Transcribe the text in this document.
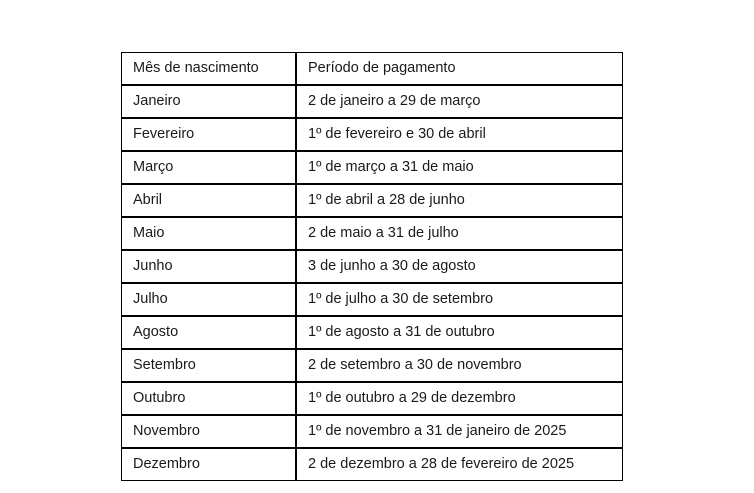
Mês de nascimento	Período de pagamento
Janeiro	2 de janeiro a 29 de março
Fevereiro	1º de fevereiro e 30 de abril
Março	1º de março a 31 de maio
Abril	1º de abril a 28 de junho
Maio	2 de maio a 31 de julho
Junho	3 de junho a 30 de agosto
Julho	1º de julho a 30 de setembro
Agosto	1º de agosto a 31 de outubro
Setembro	2 de setembro a 30 de novembro
Outubro	1º de outubro a 29 de dezembro
Novembro	1º de novembro a 31 de janeiro de 2025
Dezembro	2 de dezembro a 28 de fevereiro de 2025
